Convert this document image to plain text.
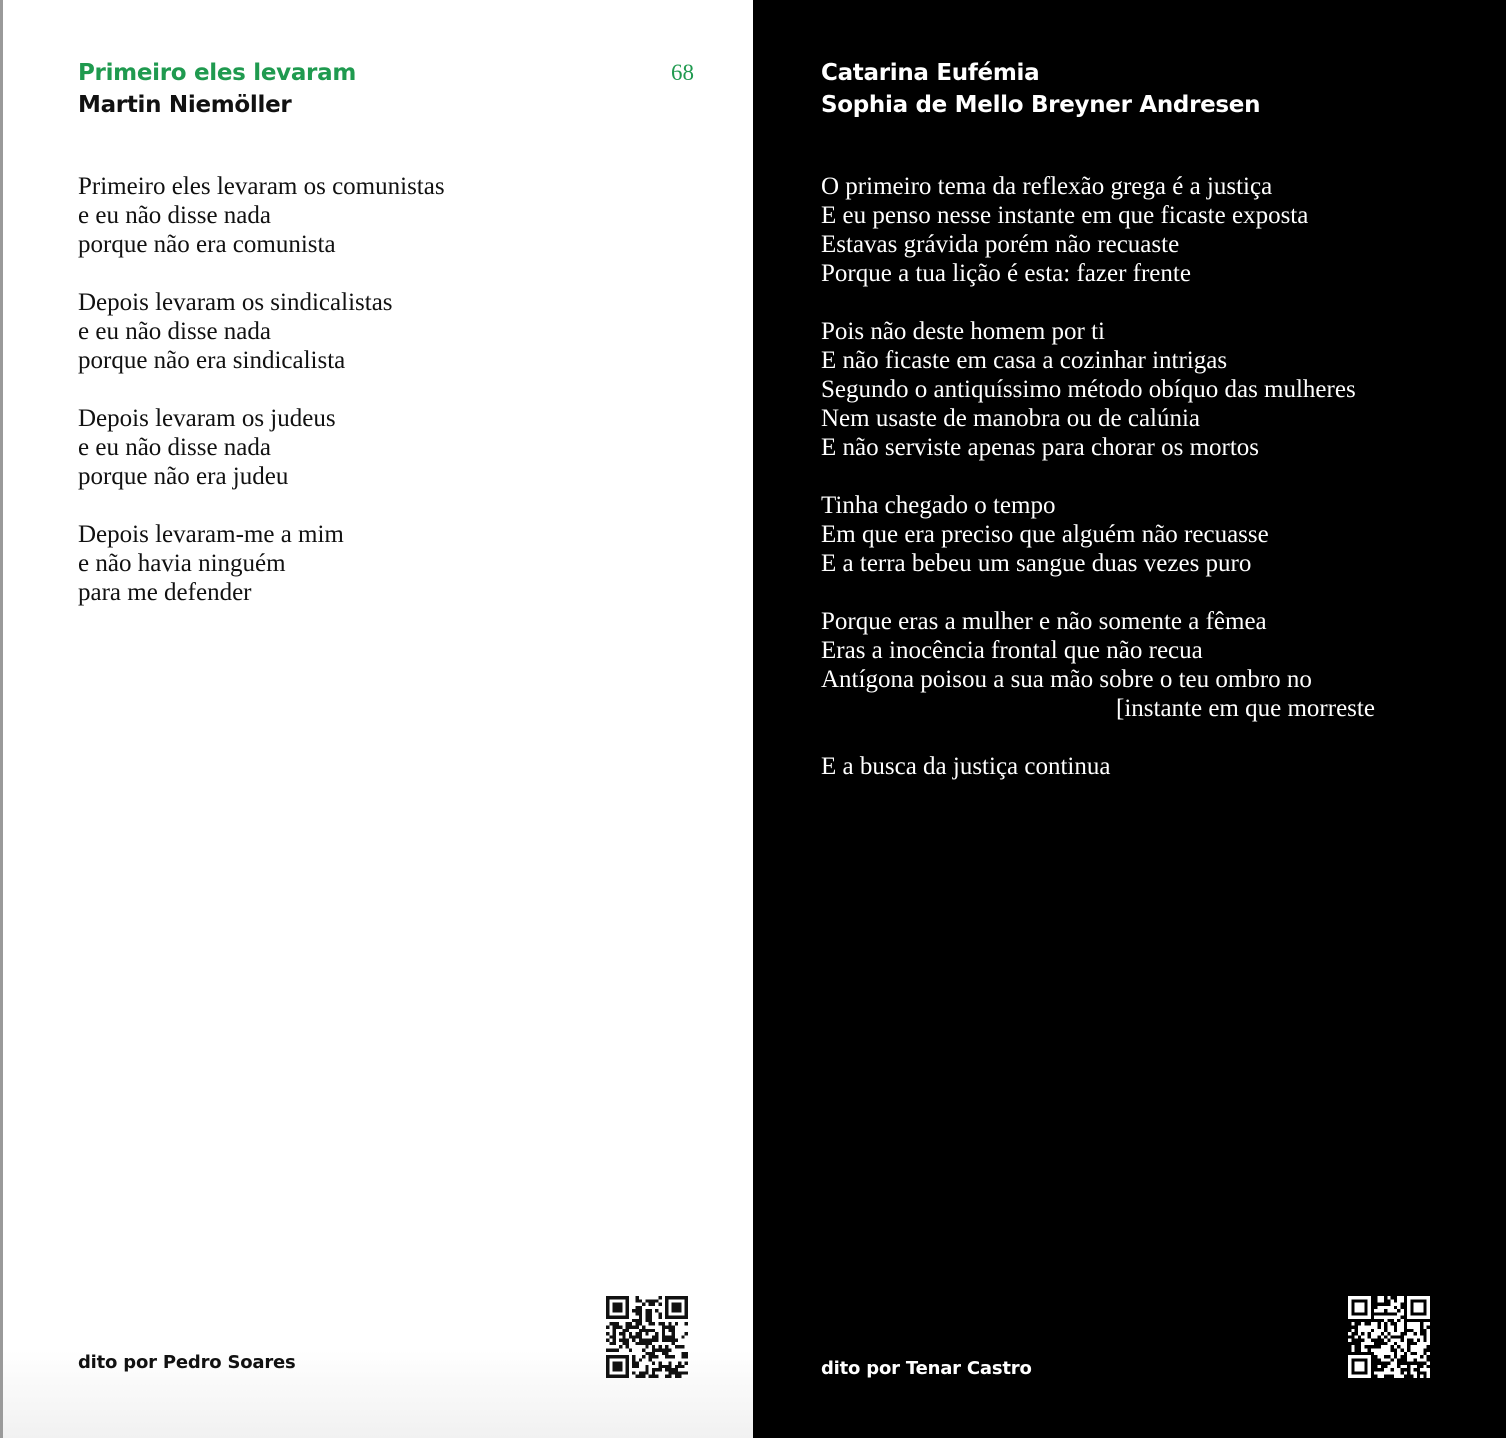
Primeiro eles levaram	68
Martin Niemöller
Primeiro eles levaram os comunistas
e eu não disse nada
porque não era comunista
Depois levaram os sindicalistas
e eu não disse nada
porque não era sindicalista
Depois levaram os judeus
e eu não disse nada
porque não era judeu
Depois levaram-me a mim
e não havia ninguém
para me defender
dito por Pedro Soares
Catarina Eufémia
Sophia de Mello Breyner Andresen
O primeiro tema da reflexão grega é a justiça
E eu penso nesse instante em que ficaste exposta
Estavas grávida porém não recuaste
Porque a tua lição é esta: fazer frente
Pois não deste homem por ti
E não ficaste em casa a cozinhar intrigas
Segundo o antiquíssimo método obíquo das mulheres
Nem usaste de manobra ou de calúnia
E não serviste apenas para chorar os mortos
Tinha chegado o tempo
Em que era preciso que alguém não recuasse
E a terra bebeu um sangue duas vezes puro
Porque eras a mulher e não somente a fêmea
Eras a inocência frontal que não recua
Antígona poisou a sua mão sobre o teu ombro no
[instante em que morreste
E a busca da justiça continua
dito por Tenar Castro
